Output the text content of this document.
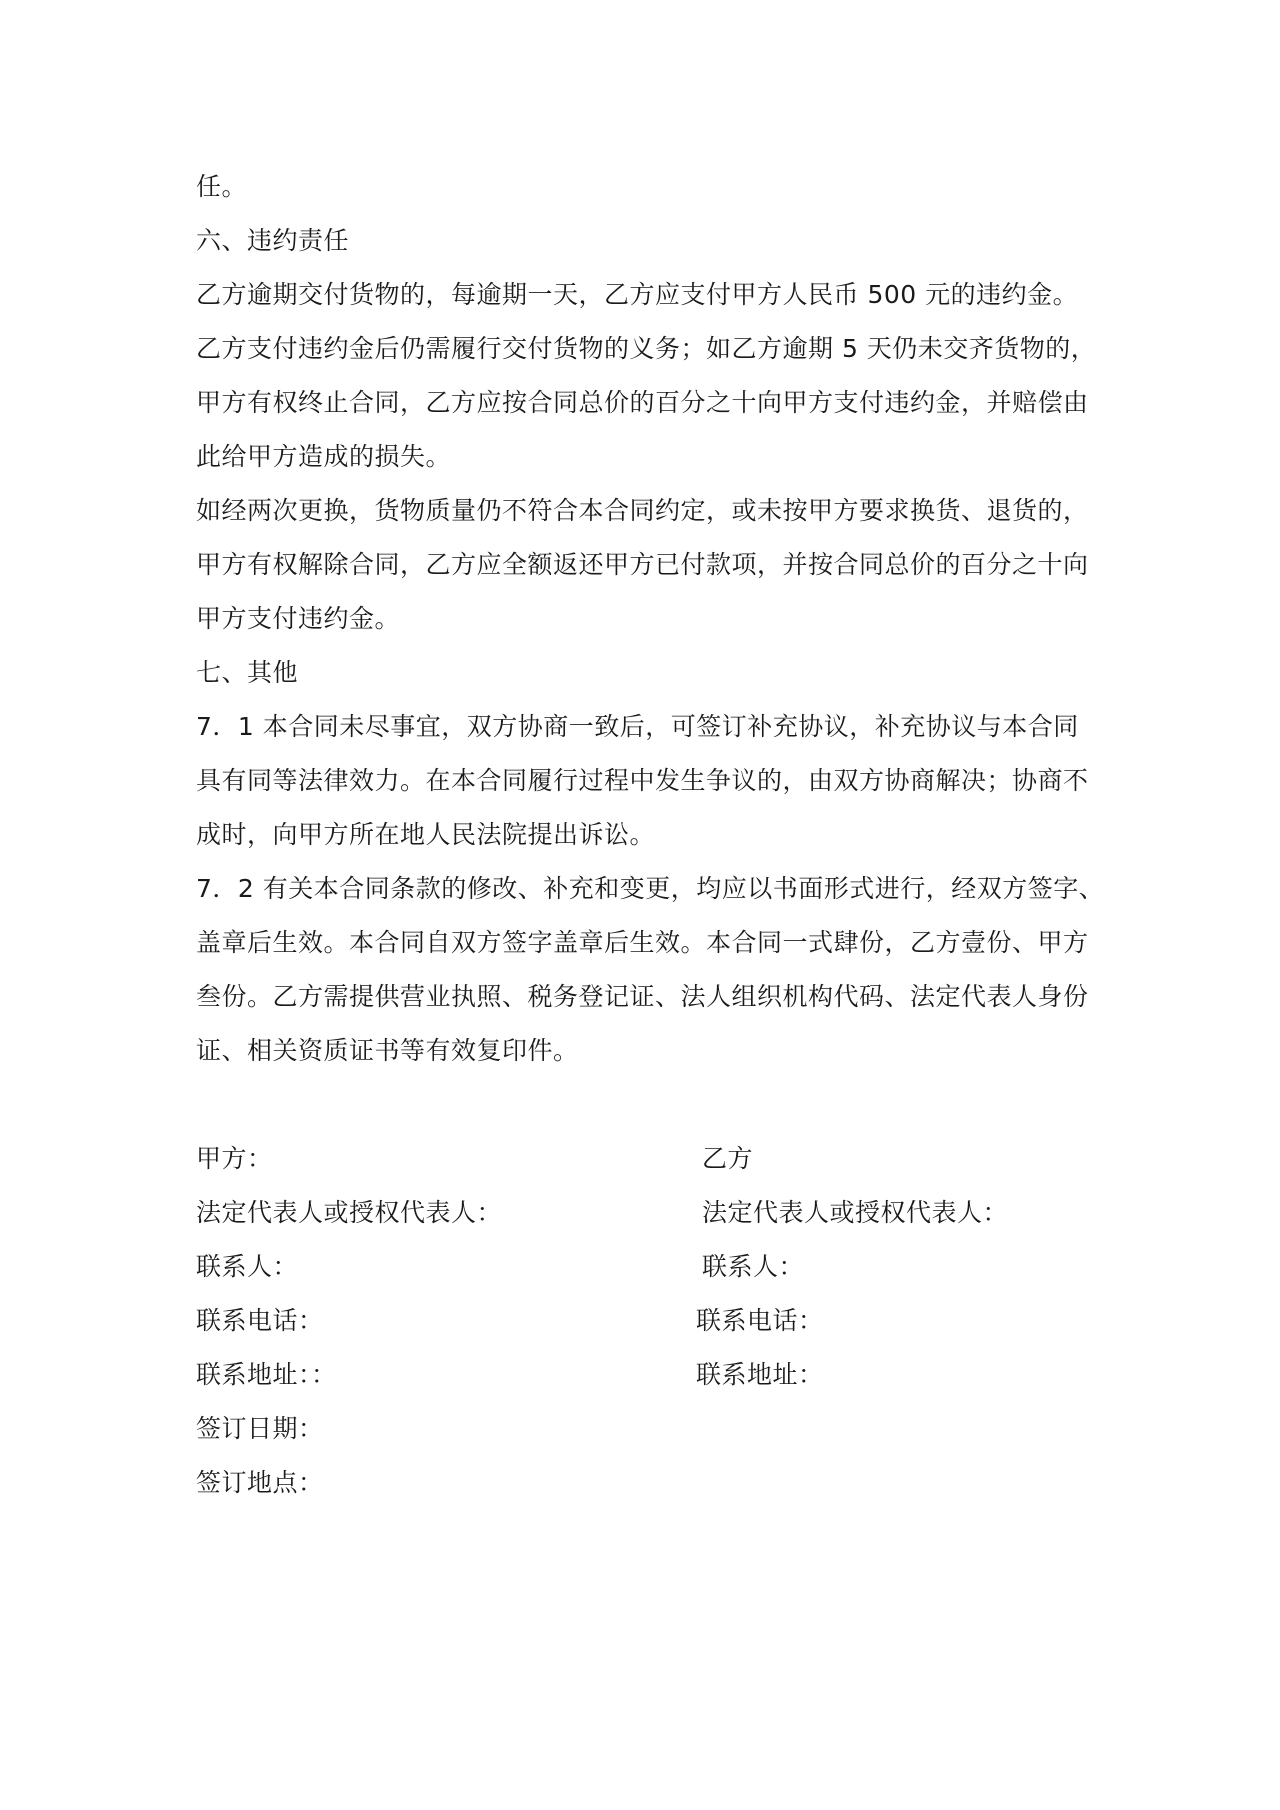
任。
六、违约责任
乙方逾期交付货物的，每逾期一天，乙方应支付甲方人民币 500 元的违约金。
乙方支付违约金后仍需履行交付货物的义务；如乙方逾期 5 天仍未交齐货物的，
甲方有权终止合同，乙方应按合同总价的百分之十向甲方支付违约金，并赔偿由
此给甲方造成的损失。
如经两次更换，货物质量仍不符合本合同约定，或未按甲方要求换货、退货的，
甲方有权解除合同，乙方应全额返还甲方已付款项，并按合同总价的百分之十向
甲方支付违约金。
七、其他
7．1 本合同未尽事宜，双方协商一致后，可签订补充协议，补充协议与本合同
具有同等法律效力。在本合同履行过程中发生争议的，由双方协商解决；协商不
成时，向甲方所在地人民法院提出诉讼。
7．2 有关本合同条款的修改、补充和变更，均应以书面形式进行，经双方签字、
盖章后生效。本合同自双方签字盖章后生效。本合同一式肆份，乙方壹份、甲方
叁份。乙方需提供营业执照、税务登记证、法人组织机构代码、法定代表人身份
证、相关资质证书等有效复印件。
甲方：	乙方
法定代表人或授权代表人：	法定代表人或授权代表人：
联系人：	联系人：
联系电话：	联系电话：
联系地址：：	联系地址：
签订日期：
签订地点：
